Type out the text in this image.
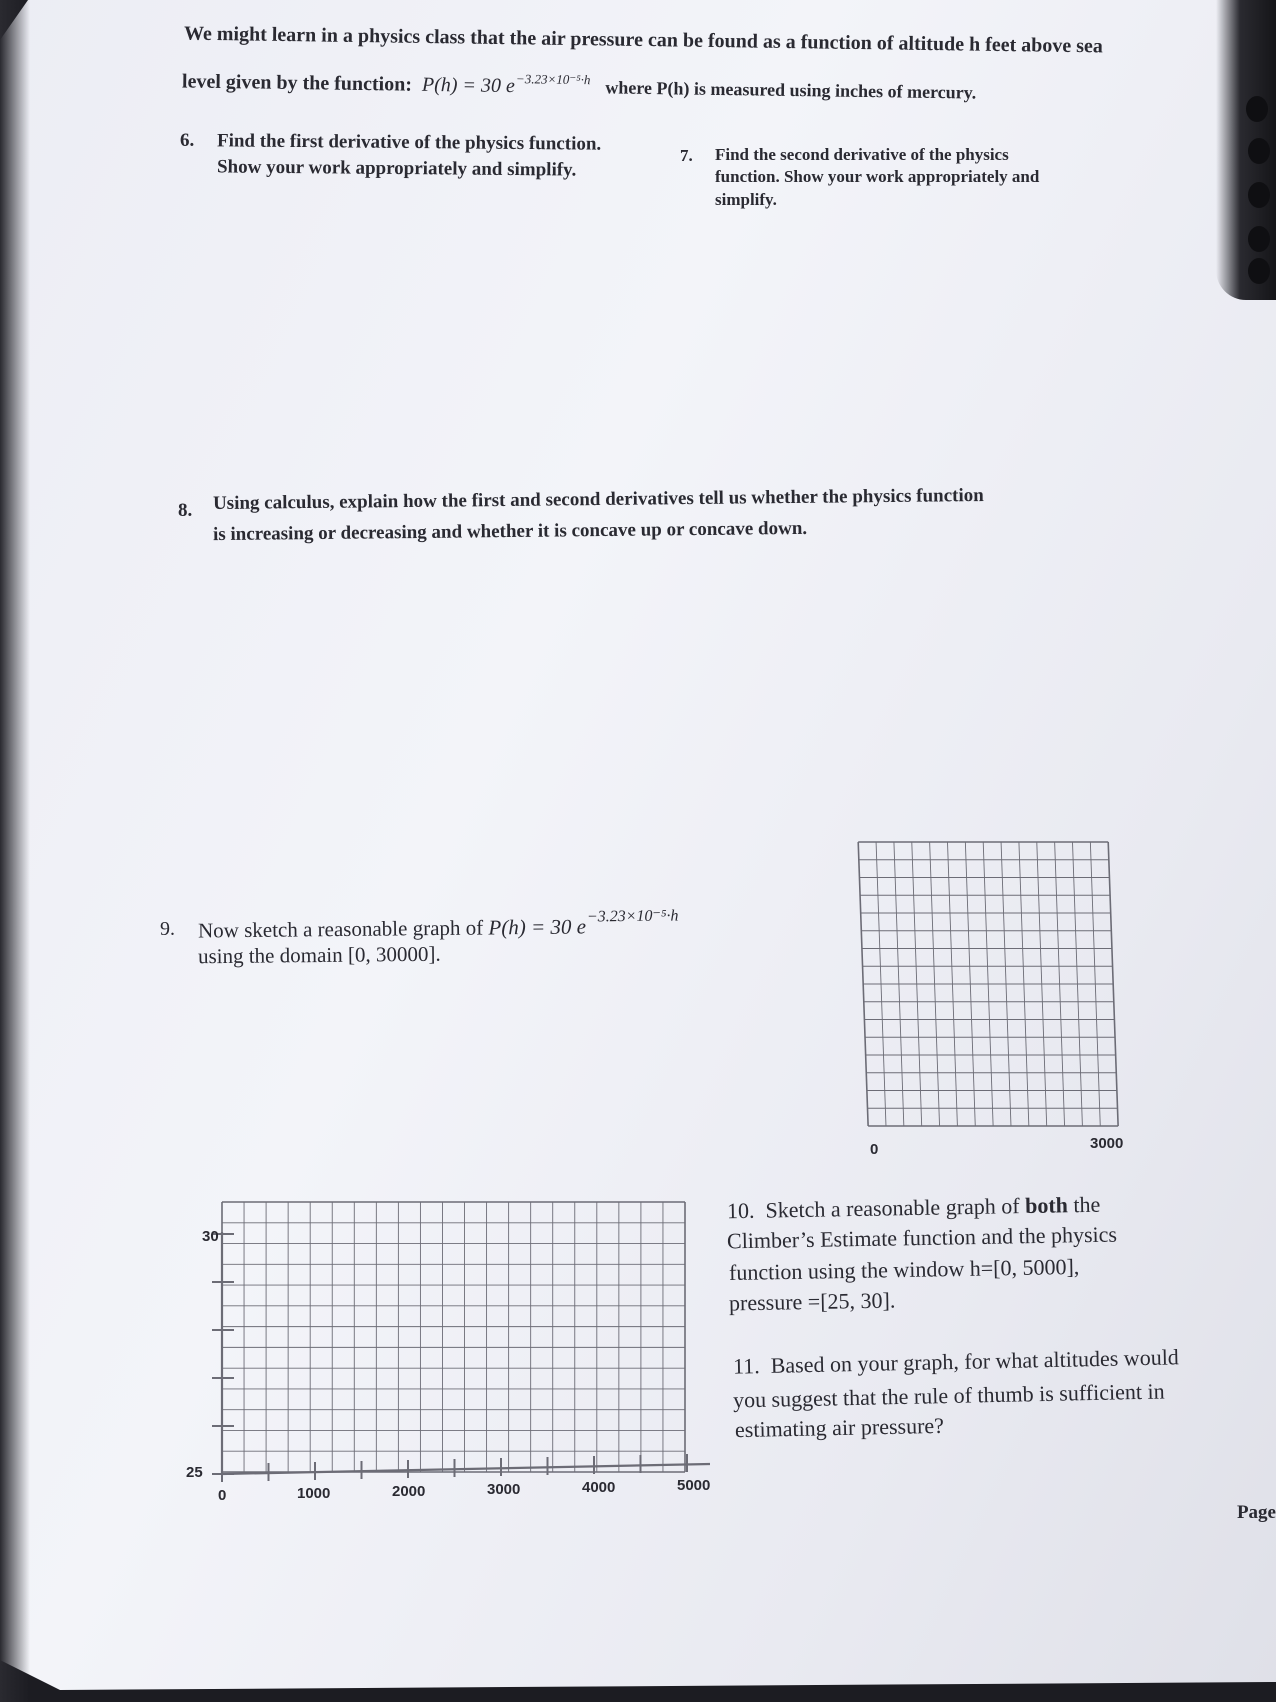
We might learn in a physics class that the air pressure can be found as a function of altitude h feet above sea
level given by the function: P(h) = 30 $e^{-3.23\times 10^{-5}\cdot h}$ where P(h) is measured using inches of mercury.
6. Find the first derivative of the physics function.
Show your work appropriately and simplify.
7. Find the second derivative of the physics
function. Show your work appropriately and
simplify.
8. Using calculus, explain how the first and second derivatives tell us whether the physics function
is increasing or decreasing and whether it is concave up or concave down.
9. Now sketch a reasonable graph of P(h) = 30 $e^{-3.23\times 10^{-5}\cdot h}$
using the domain [0, 30000].
0	3000
10. Sketch a reasonable graph of both the
Climber’s Estimate function and the physics
function using the window h=[0, 5000],
pressure =[25, 30].
11. Based on your graph, for what altitudes would
you suggest that the rule of thumb is sufficient in
estimating air pressure?
30
25
0	1000	2000	3000	4000	5000
Page
